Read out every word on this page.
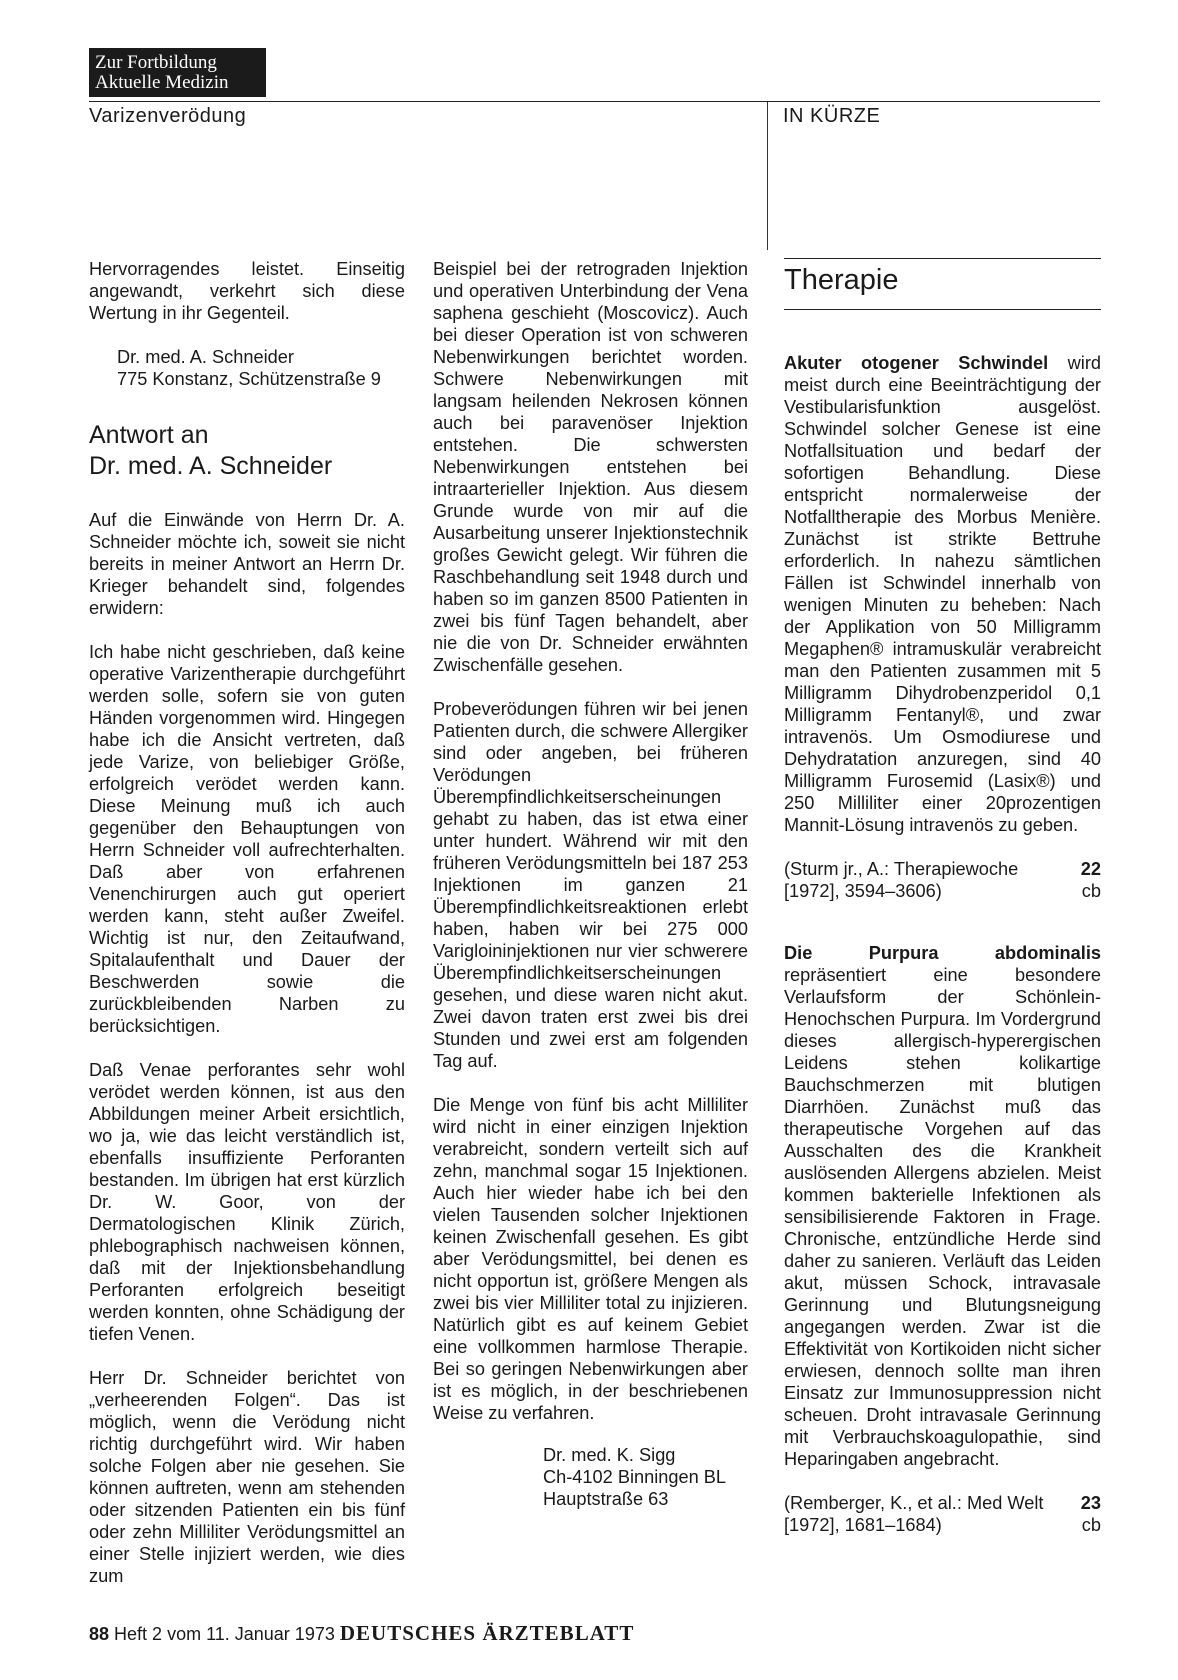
Zur Fortbildung
Aktuelle Medizin
Varizenverödung	IN KÜRZE

Hervorragendes leistet. Einseitig angewandt, verkehrt sich diese Wertung in ihr Gegenteil.

Dr. med. A. Schneider

775 Konstanz, Schützenstraße 9

Antwort an

Dr. med. A. Schneider

Auf die Einwände von Herrn Dr. A. Schneider möchte ich, soweit sie nicht bereits in meiner Antwort an Herrn Dr. Krieger behandelt sind, folgendes erwidern:

Ich habe nicht geschrieben, daß keine operative Varizentherapie durchgeführt werden solle, sofern sie von guten Händen vorgenommen wird. Hingegen habe ich die Ansicht vertreten, daß jede Varize, von beliebiger Größe, erfolgreich verödet werden kann. Diese Meinung muß ich auch gegenüber den Behauptungen von Herrn Schneider voll aufrechterhalten. Daß aber von erfahrenen Venenchirurgen auch gut operiert werden kann, steht außer Zweifel. Wichtig ist nur, den Zeitaufwand, Spitalaufenthalt und Dauer der Beschwerden sowie die zurückbleibenden Narben zu berücksichtigen.

Daß Venae perforantes sehr wohl verödet werden können, ist aus den Abbildungen meiner Arbeit ersichtlich, wo ja, wie das leicht verständlich ist, ebenfalls insuffiziente Perforanten bestanden. Im übrigen hat erst kürzlich Dr. W. Goor, von der Dermatologischen Klinik Zürich, phlebographisch nachweisen können, daß mit der Injektionsbehandlung Perforanten erfolgreich beseitigt werden konnten, ohne Schädigung der tiefen Venen.

Herr Dr. Schneider berichtet von „verheerenden Folgen“. Das ist möglich, wenn die Verödung nicht richtig durchgeführt wird. Wir haben solche Folgen aber nie gesehen. Sie können auftreten, wenn am stehenden oder sitzenden Patienten ein bis fünf oder zehn Milliliter Verödungsmittel an einer Stelle injiziert werden, wie dies zum

Beispiel bei der retrograden Injektion und operativen Unterbindung der Vena saphena geschieht (Moscovicz). Auch bei dieser Operation ist von schweren Nebenwirkungen berichtet worden. Schwere Nebenwirkungen mit langsam heilenden Nekrosen können auch bei paravenöser Injektion entstehen. Die schwersten Nebenwirkungen entstehen bei intraarterieller Injektion. Aus diesem Grunde wurde von mir auf die Ausarbeitung unserer Injektionstechnik großes Gewicht gelegt. Wir führen die Raschbehandlung seit 1948 durch und haben so im ganzen 8500 Patienten in zwei bis fünf Tagen behandelt, aber nie die von Dr. Schneider erwähnten Zwischenfälle gesehen.

Probeverödungen führen wir bei jenen Patienten durch, die schwere Allergiker sind oder angeben, bei früheren Verödungen Überempfindlichkeitserscheinungen gehabt zu haben, das ist etwa einer unter hundert. Während wir mit den früheren Verödungsmitteln bei 187 253 Injektionen im ganzen 21 Überempfindlichkeitsreaktionen erlebt haben, haben wir bei 275 000 Varigloininjektionen nur vier schwerere Überempfindlichkeitserscheinungen gesehen, und diese waren nicht akut. Zwei davon traten erst zwei bis drei Stunden und zwei erst am folgenden Tag auf.

Die Menge von fünf bis acht Milliliter wird nicht in einer einzigen Injektion verabreicht, sondern verteilt sich auf zehn, manchmal sogar 15 Injektionen. Auch hier wieder habe ich bei den vielen Tausenden solcher Injektionen keinen Zwischenfall gesehen. Es gibt aber Verödungsmittel, bei denen es nicht opportun ist, größere Mengen als zwei bis vier Milliliter total zu injizieren. Natürlich gibt es auf keinem Gebiet eine vollkommen harmlose Therapie. Bei so geringen Nebenwirkungen aber ist es möglich, in der beschriebenen Weise zu verfahren.

Dr. med. K. Sigg
Ch-4102 Binningen BL
Hauptstraße 63
Therapie

Akuter otogener Schwindel wird meist durch eine Beeinträchtigung der Vestibularisfunktion ausgelöst. Schwindel solcher Genese ist eine Notfallsituation und bedarf der sofortigen Behandlung. Diese entspricht normalerweise der Notfalltherapie des Morbus Menière. Zunächst ist strikte Bettruhe erforderlich. In nahezu sämtlichen Fällen ist Schwindel innerhalb von wenigen Minuten zu beheben: Nach der Applikation von 50 Milligramm Megaphen® intramuskulär verabreicht man den Patienten zusammen mit 5 Milligramm Dihydrobenzperidol 0,1 Milligramm Fentanyl®, und zwar intravenös. Um Osmodiurese und Dehydratation anzuregen, sind 40 Milligramm Furosemid (Lasix®) und 250 Milliliter einer 20prozentigen Mannit-Lösung intravenös zu geben.

(Sturm jr., A.: Therapiewoche	22
[1972], 3594–3606)	cb

Die Purpura abdominalis repräsentiert eine besondere Verlaufsform der Schönlein-Henochschen Purpura. Im Vordergrund dieses allergisch-hyperergischen Leidens stehen kolikartige Bauchschmerzen mit blutigen Diarrhöen. Zunächst muß das therapeutische Vorgehen auf das Ausschalten des die Krankheit auslösenden Allergens abzielen. Meist kommen bakterielle Infektionen als sensibilisierende Faktoren in Frage. Chronische, entzündliche Herde sind daher zu sanieren. Verläuft das Leiden akut, müssen Schock, intravasale Gerinnung und Blutungsneigung angegangen werden. Zwar ist die Effektivität von Kortikoiden nicht sicher erwiesen, dennoch sollte man ihren Einsatz zur Immunosuppression nicht scheuen. Droht intravasale Gerinnung mit Verbrauchskoagulopathie, sind Heparingaben angebracht.

(Remberger, K., et al.: Med Welt 23
[1972], 1681–1684)	cb
88 Heft 2 vom 11. Januar 1973 DEUTSCHES ÄRZTEBLATT
